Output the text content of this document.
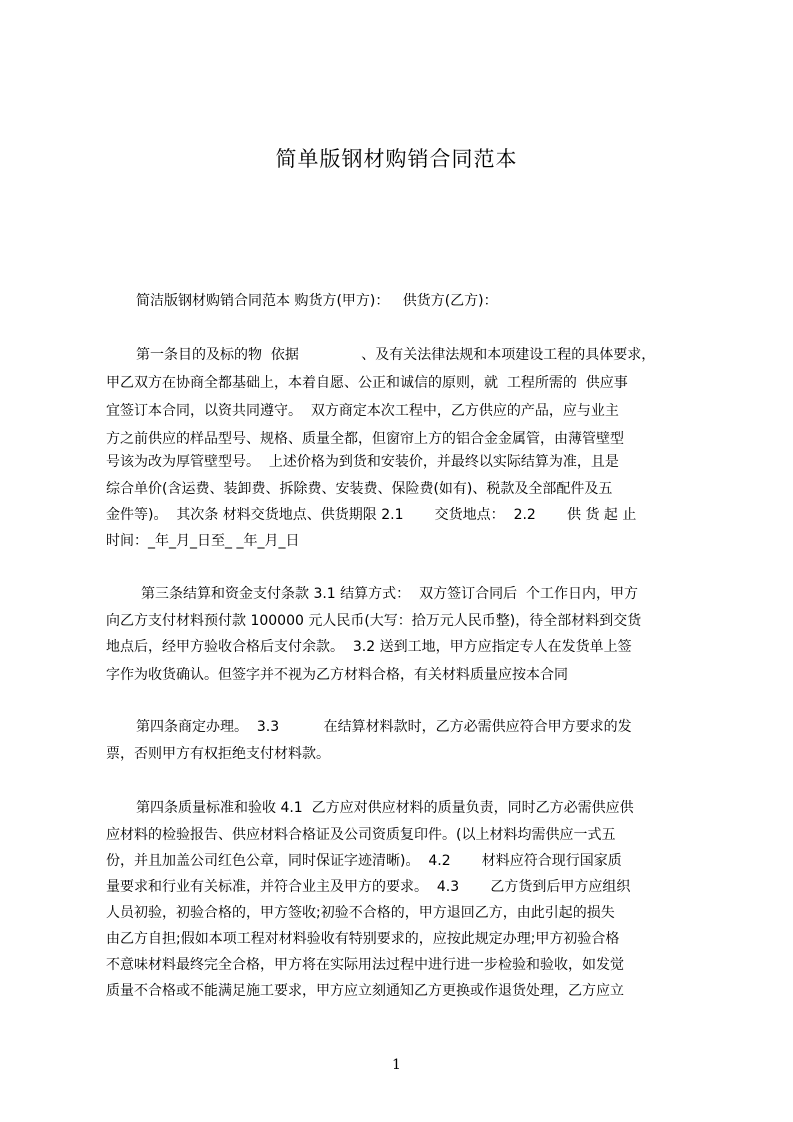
简单版钢材购销合同范本
简洁版钢材购销合同范本 购货方(甲方)：   供货方(乙方)：
第一条目的及标的物  依据              、及有关法律法规和本项建设工程的具体要求，
甲乙双方在协商全都基础上，本着自愿、公正和诚信的原则，就  工程所需的  供应事
宜签订本合同，以资共同遵守。  双方商定本次工程中，乙方供应的产品，应与业主
方之前供应的样品型号、规格、质量全都，但窗帘上方的铝合金金属管，由薄管壁型
号该为改为厚管壁型号。  上述价格为到货和安装价，并最终以实际结算为准，且是
综合单价(含运费、装卸费、拆除费、安装费、保险费(如有)、税款及全部配件及五
金件等)。  其次条 材料交货地点、供货期限 2.1       交货地点：  2.2       供 货 起 止
时间：_年_月_日至_ _年_月_日
第三条结算和资金支付条款 3.1 结算方式：  双方签订合同后  个工作日内，甲方
向乙方支付材料预付款 100000 元人民币(大写：拾万元人民币整)，待全部材料到交货
地点后，经甲方验收合格后支付余款。  3.2 送到工地，甲方应指定专人在发货单上签
字作为收货确认。但签字并不视为乙方材料合格，有关材料质量应按本合同
第四条商定办理。  3.3          在结算材料款时，乙方必需供应符合甲方要求的发
票，否则甲方有权拒绝支付材料款。
第四条质量标准和验收 4.1  乙方应对供应材料的质量负责，同时乙方必需供应供
应材料的检验报告、供应材料合格证及公司资质复印件。(以上材料均需供应一式五
份，并且加盖公司红色公章，同时保证字迹清晰)。  4.2       材料应符合现行国家质
量要求和行业有关标准，并符合业主及甲方的要求。  4.3       乙方货到后甲方应组织
人员初验，初验合格的，甲方签收;初验不合格的，甲方退回乙方，由此引起的损失
由乙方自担;假如本项工程对材料验收有特别要求的，应按此规定办理;甲方初验合格
不意味材料最终完全合格，甲方将在实际用法过程中进行进一步检验和验收，如发觉
质量不合格或不能满足施工要求，甲方应立刻通知乙方更换或作退货处理，乙方应立
1
